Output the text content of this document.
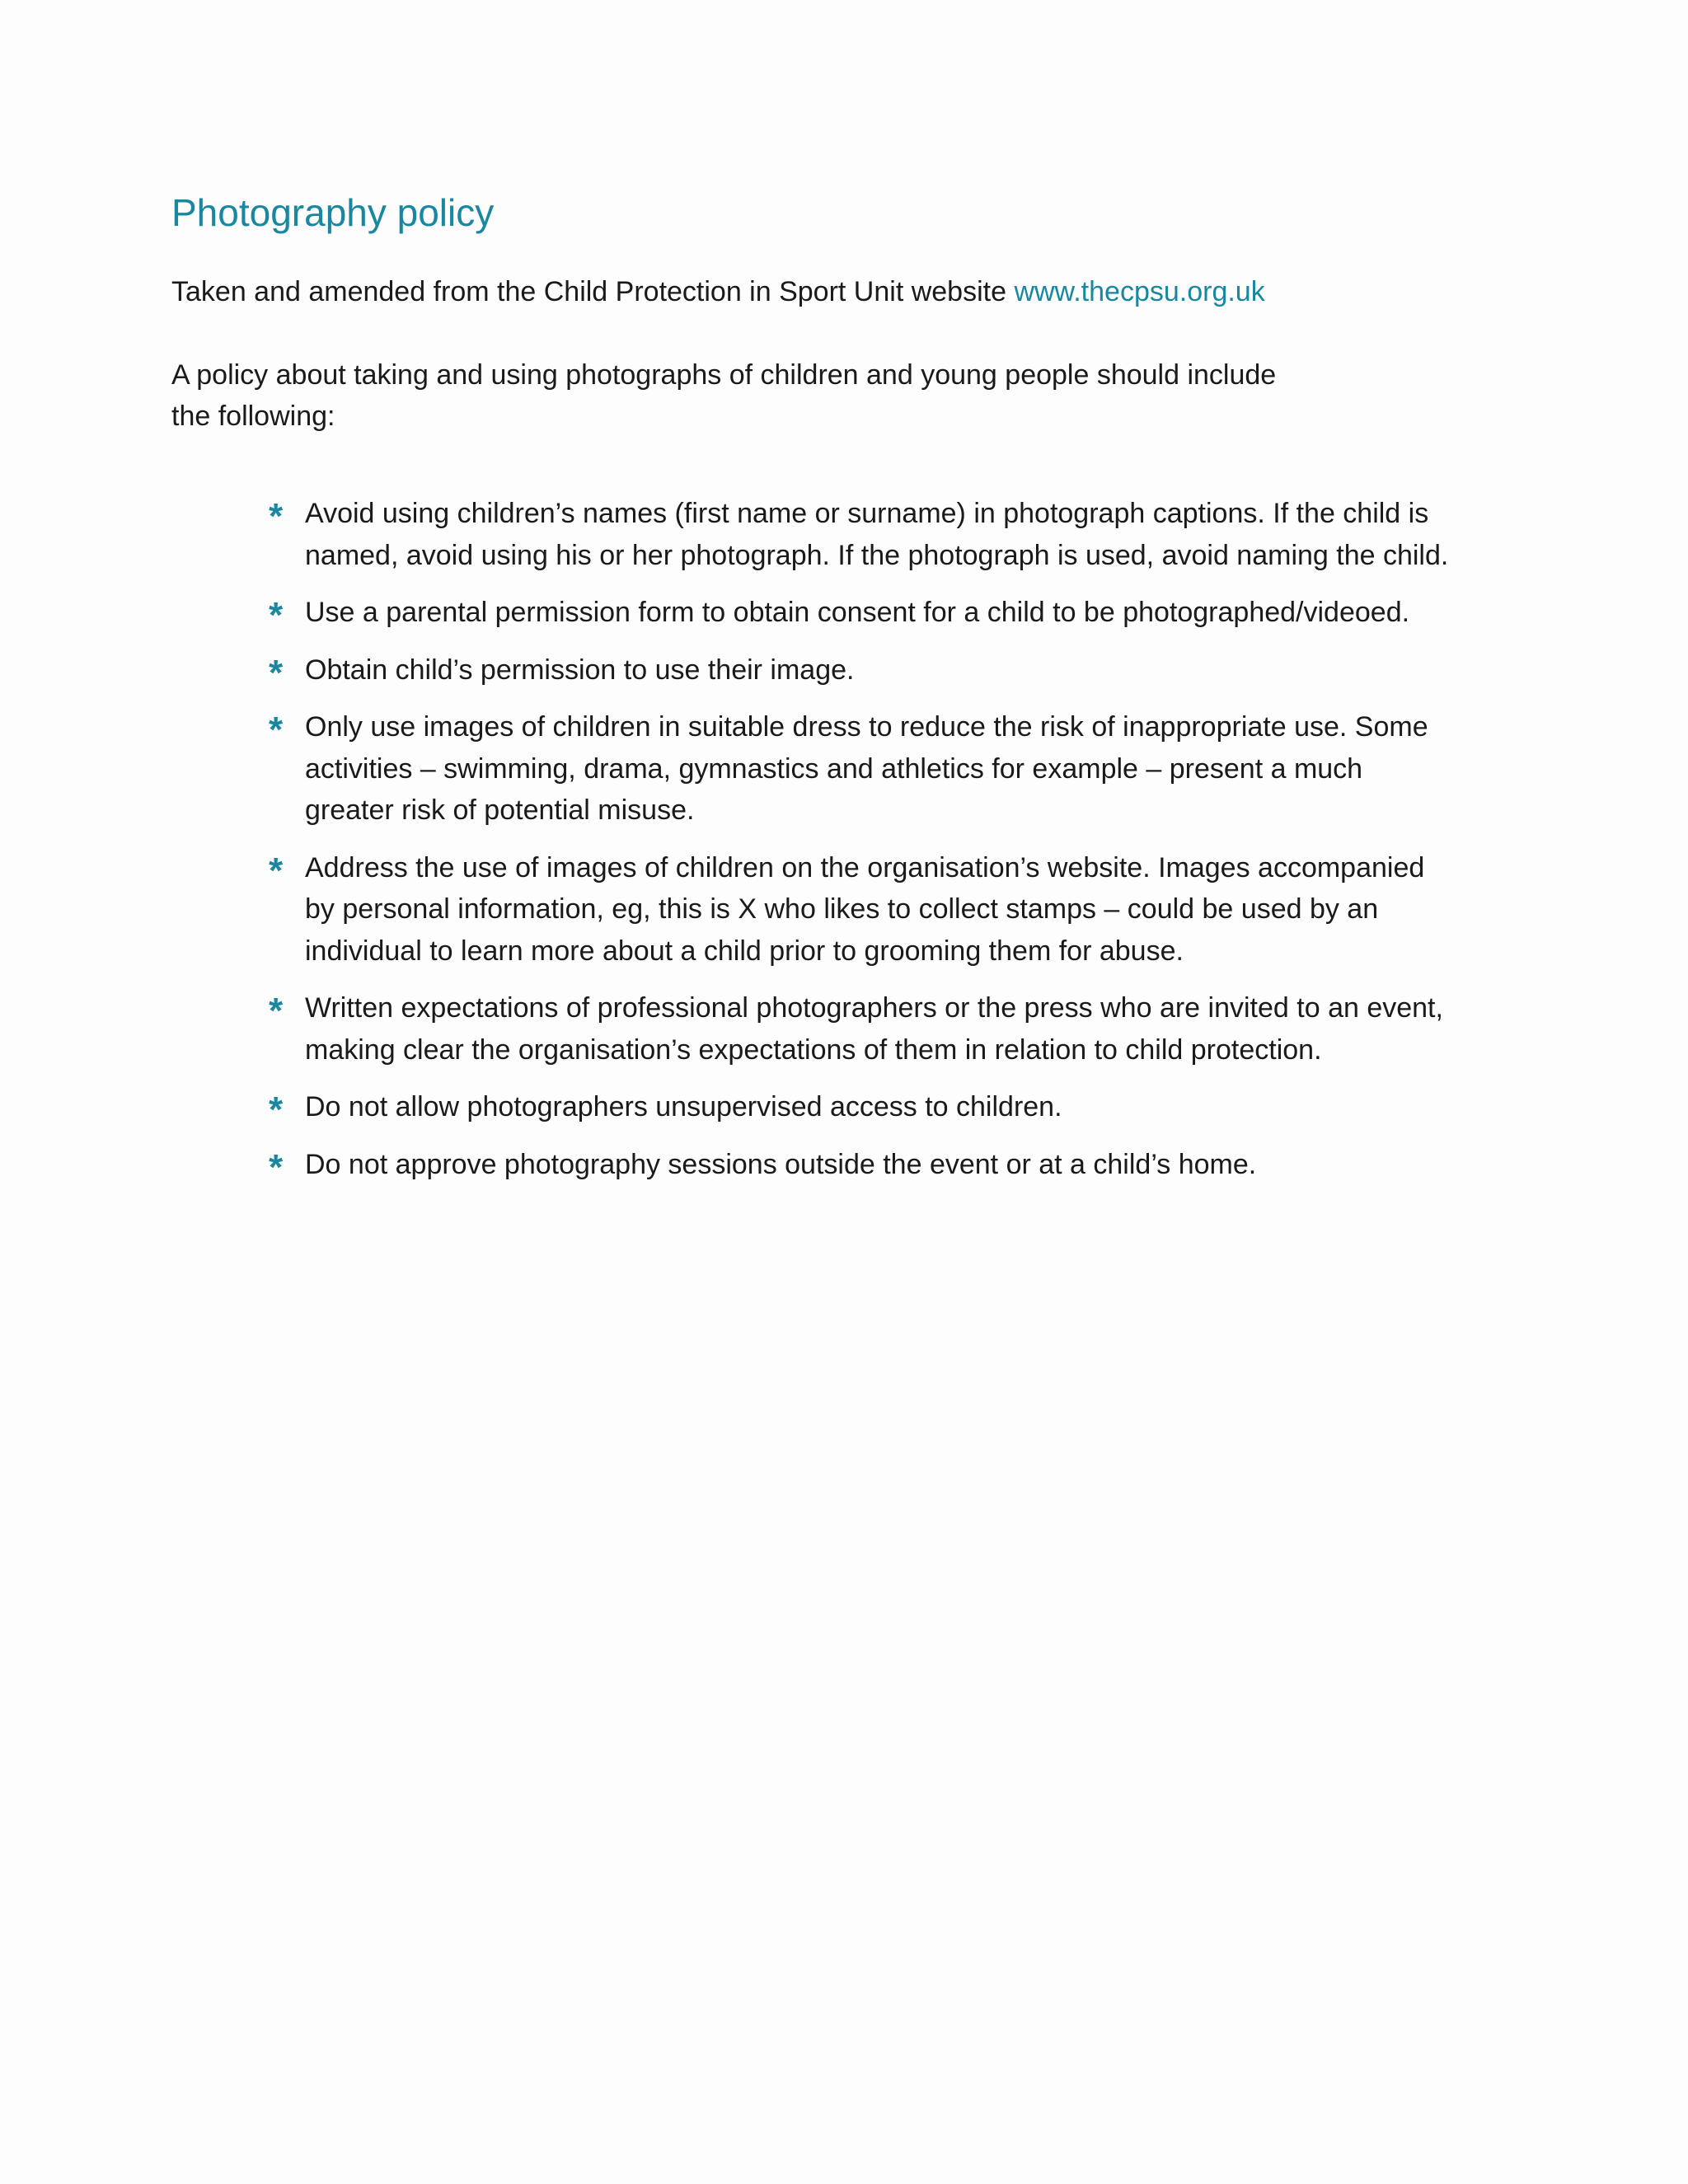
Photography policy

Taken and amended from the Child Protection in Sport Unit website www.thecpsu.org.uk

A policy about taking and using photographs of children and young people should include the following:

* Avoid using children’s names (first name or surname) in photograph captions. If the child is named, avoid using his or her photograph. If the photograph is used, avoid naming the child.
* Use a parental permission form to obtain consent for a child to be photographed/videoed.
* Obtain child’s permission to use their image.
* Only use images of children in suitable dress to reduce the risk of inappropriate use. Some activities – swimming, drama, gymnastics and athletics for example – present a much greater risk of potential misuse.
* Address the use of images of children on the organisation’s website. Images accompanied by personal information, eg, this is X who likes to collect stamps – could be used by an individual to learn more about a child prior to grooming them for abuse.
* Written expectations of professional photographers or the press who are invited to an event, making clear the organisation’s expectations of them in relation to child protection.
* Do not allow photographers unsupervised access to children.
* Do not approve photography sessions outside the event or at a child’s home.
